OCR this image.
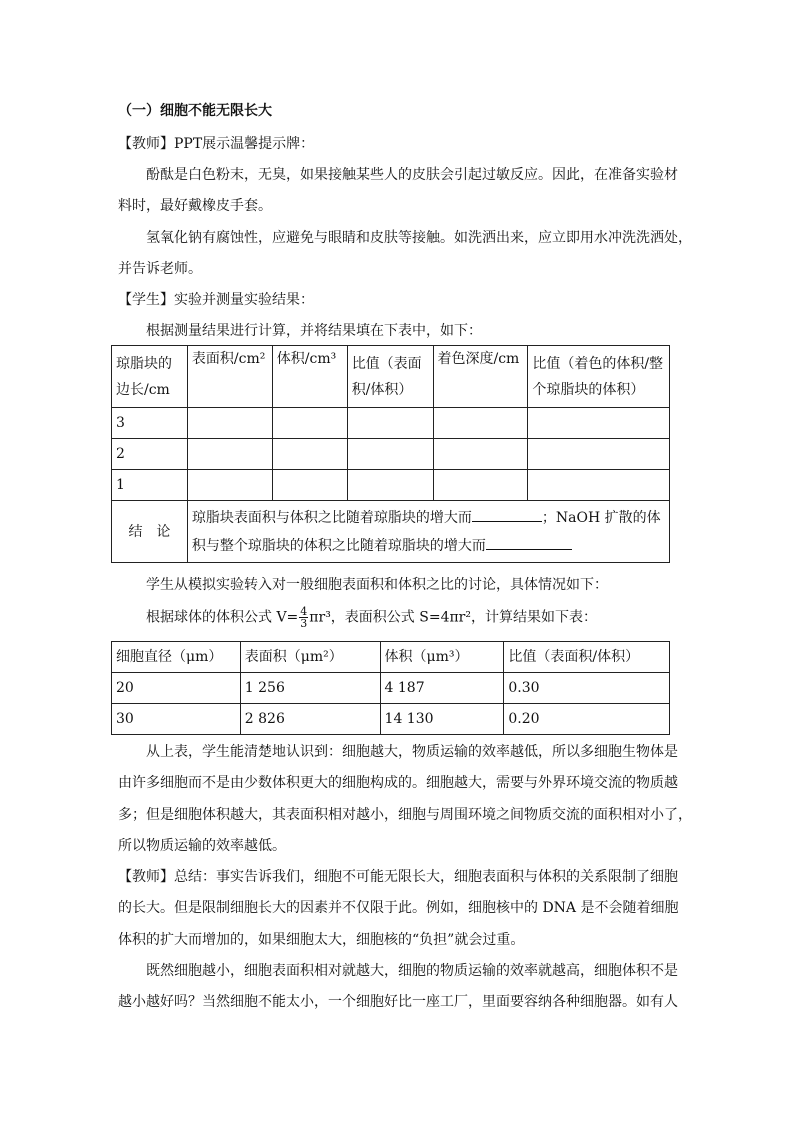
（一）细胞不能无限长大
【教师】PPT展示温馨提示牌：
酚酞是白色粉末，无臭，如果接触某些人的皮肤会引起过敏反应。因此，在准备实验材
料时，最好戴橡皮手套。
氢氧化钠有腐蚀性，应避免与眼睛和皮肤等接触。如洗洒出来，应立即用水冲洗洗洒处，
并告诉老师。
【学生】实验并测量实验结果：
根据测量结果进行计算，并将结果填在下表中，如下：
琼脂块的边长/cm	表面积/cm²	体积/cm³	比值（表面积/体积）	着色深度/cm	比值（着色的体积/整个琼脂块的体积）
3					
2					
1					
结　论	琼脂块表面积与体积之比随着琼脂块的增大而 ；NaOH 扩散的体
积与整个琼脂块的体积之比随着琼脂块的增大而				
学生从模拟实验转入对一般细胞表面积和体积之比的讨论，具体情况如下：
根据球体的体积公式 $V= \frac{4}{3} \pi r^3$，表面积公式 S=4πr²，计算结果如下表：
细胞直径（μm）	表面积（μm²）	体积（μm³）	比值（表面积/体积）
20	1 256	4 187	0.30
30	2 826	14 130	0.20
从上表，学生能清楚地认识到：细胞越大，物质运输的效率越低，所以多细胞生物体是
由许多细胞而不是由少数体积更大的细胞构成的。细胞越大，需要与外界环境交流的物质越
多；但是细胞体积越大，其表面积相对越小，细胞与周围环境之间物质交流的面积相对小了，
所以物质运输的效率越低。
【教师】总结：事实告诉我们，细胞不可能无限长大，细胞表面积与体积的关系限制了细胞
的长大。但是限制细胞长大的因素并不仅限于此。例如，细胞核中的 DNA 是不会随着细胞
体积的扩大而增加的，如果细胞太大，细胞核的“负担”就会过重。
既然细胞越小，细胞表面积相对就越大，细胞的物质运输的效率就越高，细胞体积不是
越小越好吗？当然细胞不能太小，一个细胞好比一座工厂，里面要容纳各种细胞器。如有人
